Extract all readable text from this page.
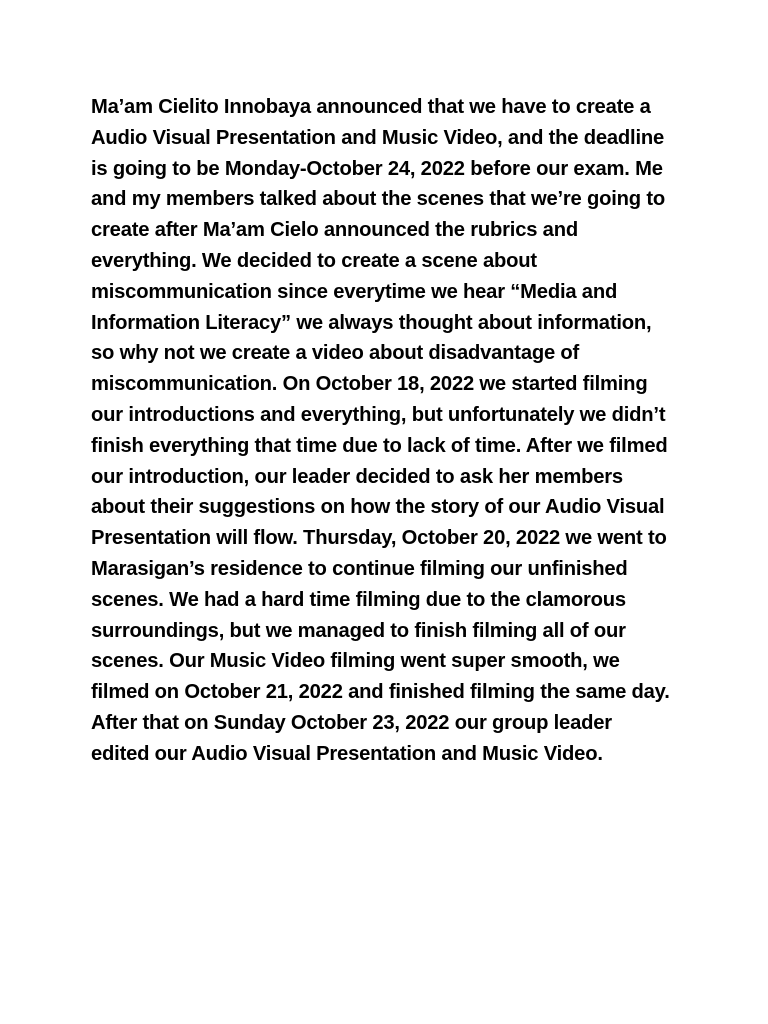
Ma’am Cielito Innobaya announced that we have to create a
Audio Visual Presentation and Music Video, and the deadline
is going to be Monday-October 24, 2022 before our exam. Me
and my members talked about the scenes that we’re going to
create after Ma’am Cielo announced the rubrics and
everything. We decided to create a scene about
miscommunication since everytime we hear “Media and
Information Literacy” we always thought about information,
so why not we create a video about disadvantage of
miscommunication. On October 18, 2022 we started filming
our introductions and everything, but unfortunately we didn’t
finish everything that time due to lack of time. After we filmed
our introduction, our leader decided to ask her members
about their suggestions on how the story of our Audio Visual
Presentation will flow. Thursday, October 20, 2022 we went to
Marasigan’s residence to continue filming our unfinished
scenes. We had a hard time filming due to the clamorous
surroundings, but we managed to finish filming all of our
scenes. Our Music Video filming went super smooth, we
filmed on October 21, 2022 and finished filming the same day.
After that on Sunday October 23, 2022 our group leader
edited our Audio Visual Presentation and Music Video.
